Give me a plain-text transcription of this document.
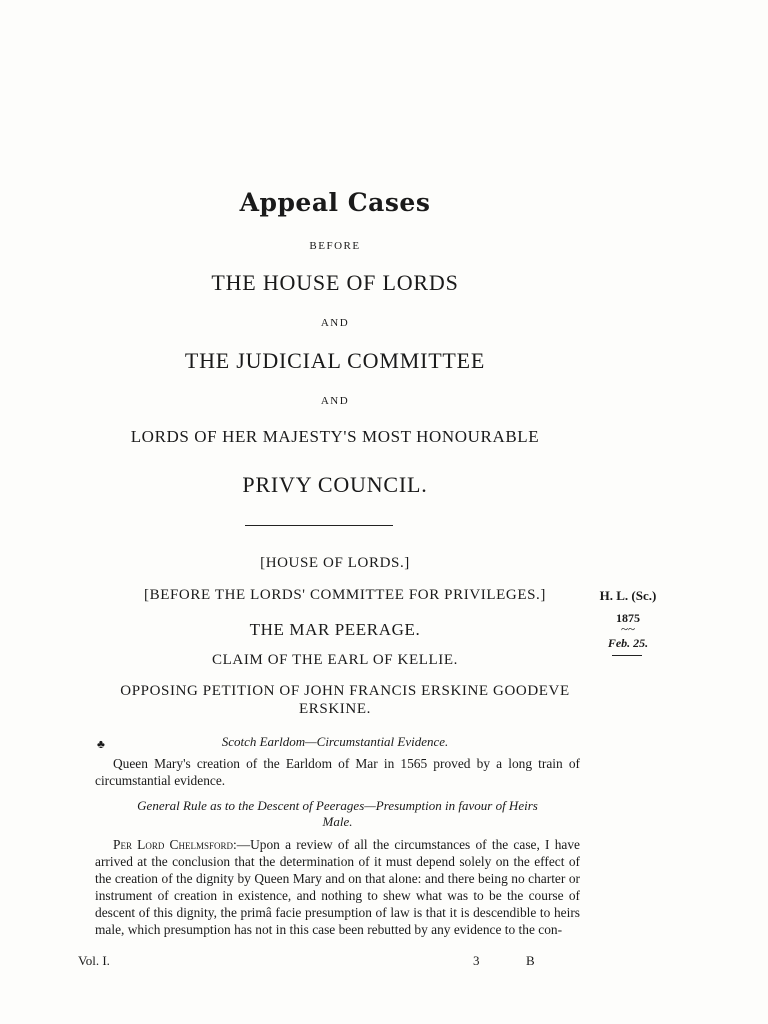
Appeal Cases
BEFORE
THE HOUSE OF LORDS
AND
THE JUDICIAL COMMITTEE
AND
LORDS OF HER MAJESTY'S MOST HONOURABLE
PRIVY COUNCIL.
[HOUSE OF LORDS.]
[BEFORE THE LORDS' COMMITTEE FOR PRIVILEGES.]
THE MAR PEERAGE.
CLAIM OF THE EARL OF KELLIE.
OPPOSING PETITION OF JOHN FRANCIS ERSKINE GOODEVE
ERSKINE.
H. L. (Sc.)
1875
~~
Feb. 25.
♣	Scotch Earldom—Circumstantial Evidence.
Queen Mary's creation of the Earldom of Mar in 1565 proved by a long train of circumstantial evidence.
General Rule as to the Descent of Peerages—Presumption in favour of Heirs
Male.
Per Lord Chelmsford:—Upon a review of all the circumstances of the case, I have arrived at the conclusion that the determination of it must depend solely on the effect of the creation of the dignity by Queen Mary and on that alone: and there being no charter or instrument of creation in existence, and nothing to shew what was to be the course of descent of this dignity, the primâ facie presumption of law is that it is descendible to heirs male, which presumption has not in this case been rebutted by any evidence to the con-
Vol. I.	3	B
